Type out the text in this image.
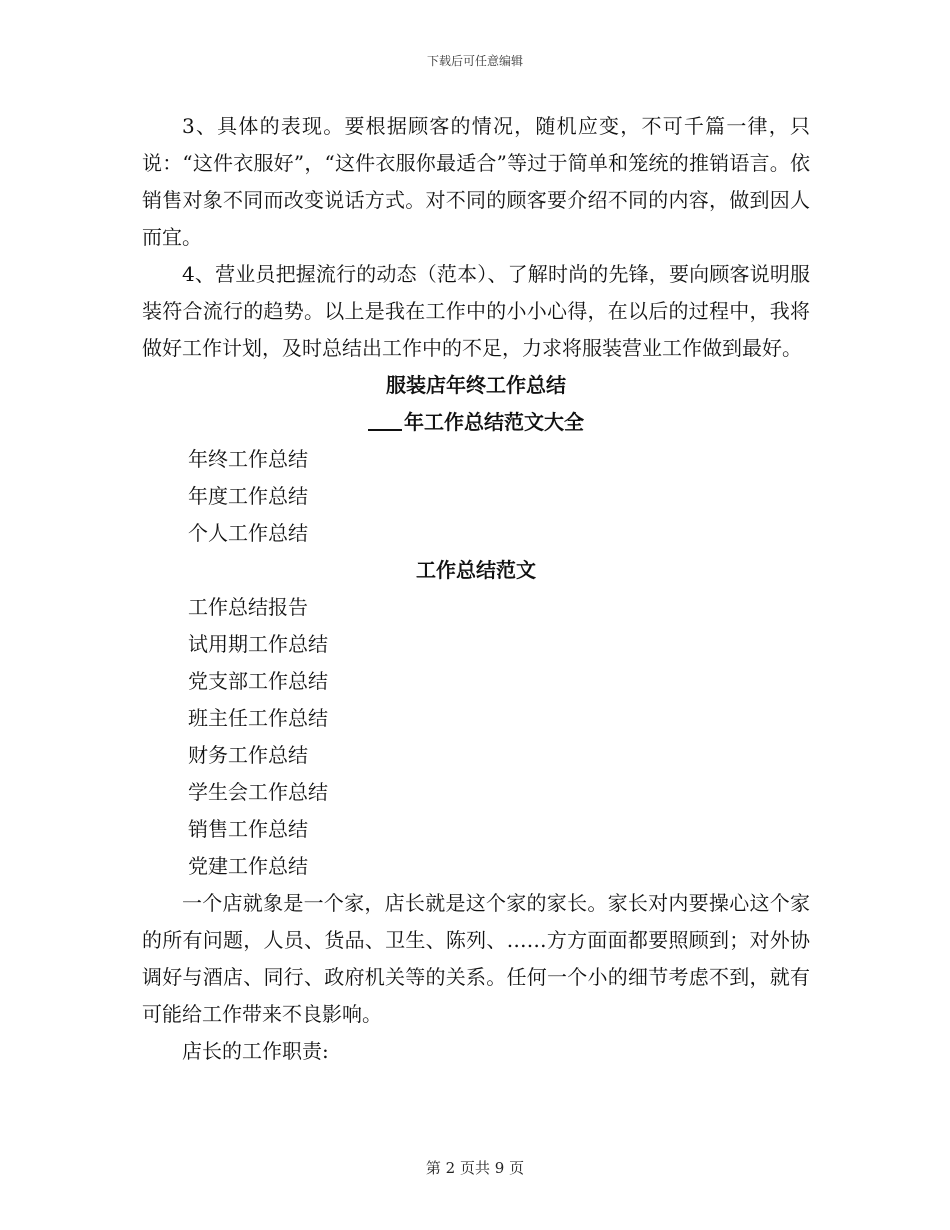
下载后可任意编辑

3、具体的表现。要根据顾客的情况，随机应变，不可千篇一律，只说：“这件衣服好”，“这件衣服你最适合”等过于简单和笼统的推销语言。依销售对象不同而改变说话方式。对不同的顾客要介绍不同的内容，做到因人而宜。

4、营业员把握流行的动态（范本）、了解时尚的先锋，要向顾客说明服装符合流行的趋势。以上是我在工作中的小小心得，在以后的过程中，我将做好工作计划，及时总结出工作中的不足，力求将服装营业工作做到最好。

服装店年终工作总结

年工作总结范文大全

年终工作总结
年度工作总结
个人工作总结

工作总结范文

工作总结报告
试用期工作总结
党支部工作总结
班主任工作总结
财务工作总结
学生会工作总结
销售工作总结
党建工作总结

一个店就象是一个家，店长就是这个家的家长。家长对内要操心这个家的所有问题，人员、货品、卫生、陈列、……方方面面都要照顾到；对外协调好与酒店、同行、政府机关等的关系。任何一个小的细节考虑不到，就有可能给工作带来不良影响。

店长的工作职责:

第 2 页共 9 页
